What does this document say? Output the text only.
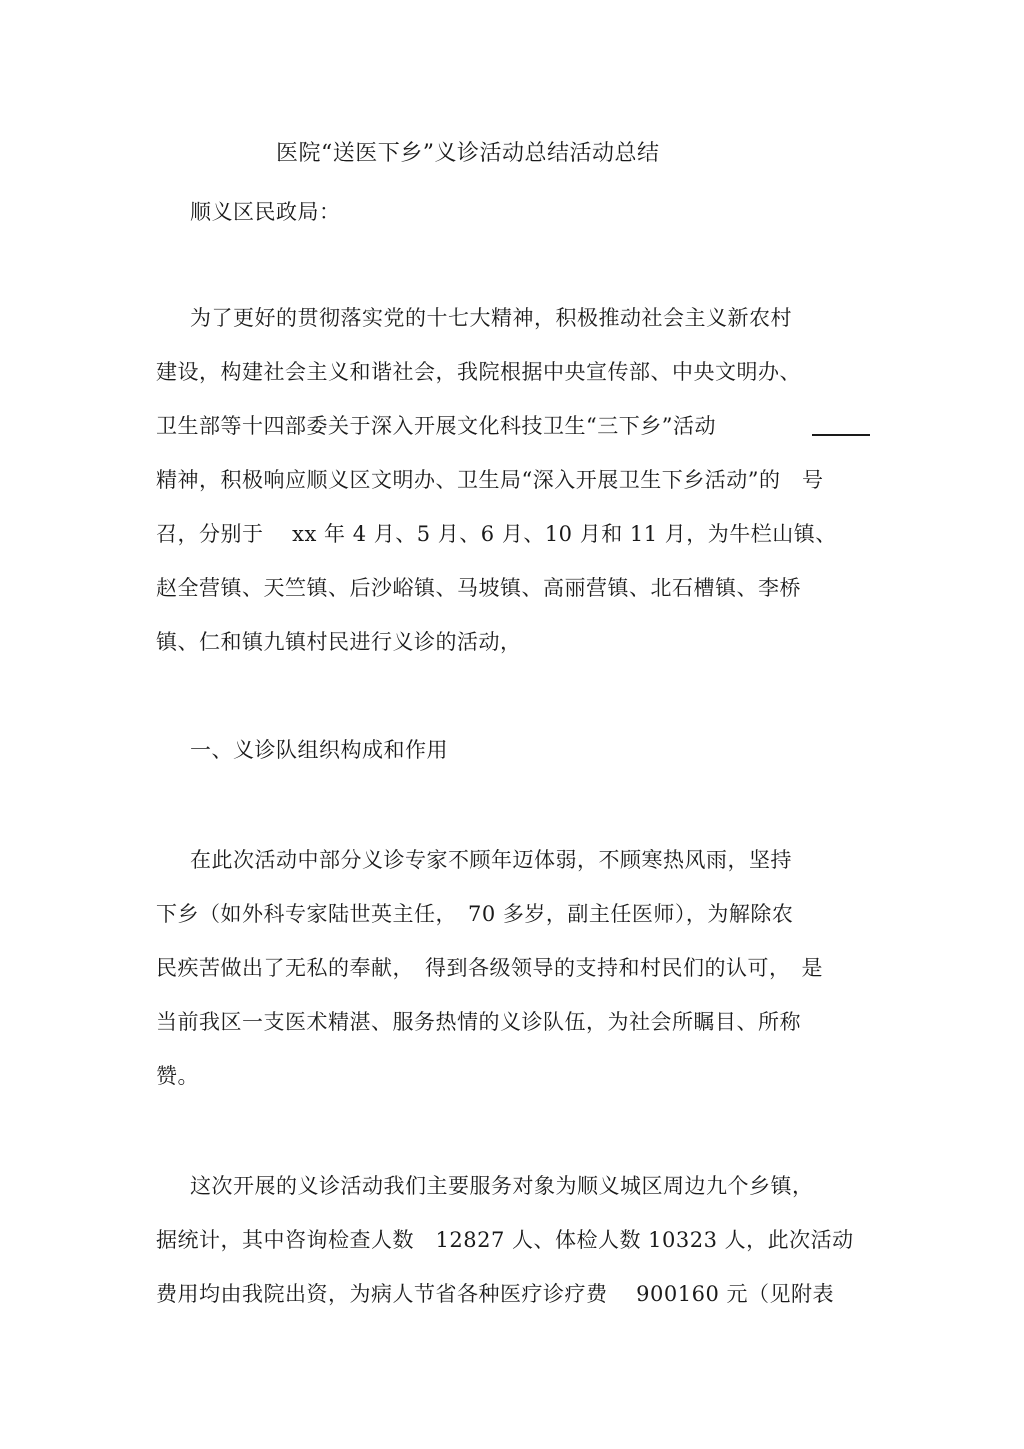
医院“送医下乡”义诊活动总结活动总结
顺义区民政局：
为了更好的贯彻落实党的十七大精神，积极推动社会主义新农村
建设，构建社会主义和谐社会，我院根据中央宣传部、中央文明办、
卫生部等十四部委关于深入开展文化科技卫生“三下乡”活动
精神，积极响应顺义区文明办、卫生局“深入开展卫生下乡活动”的　号
召，分别于　 xx 年 4 月、5 月、6 月、10 月和 11 月，为牛栏山镇、
赵全营镇、天竺镇、后沙峪镇、马坡镇、高丽营镇、北石槽镇、李桥
镇、仁和镇九镇村民进行义诊的活动，
一、义诊队组织构成和作用
在此次活动中部分义诊专家不顾年迈体弱，不顾寒热风雨，坚持
下乡（如外科专家陆世英主任，　70 多岁，副主任医师），为解除农
民疾苦做出了无私的奉献，　得到各级领导的支持和村民们的认可，　是
当前我区一支医术精湛、服务热情的义诊队伍，为社会所瞩目、所称
赞。
这次开展的义诊活动我们主要服务对象为顺义城区周边九个乡镇，
据统计，其中咨询检查人数　12827 人、体检人数 10323 人，此次活动
费用均由我院出资，为病人节省各种医疗诊疗费　 900160 元（见附表
